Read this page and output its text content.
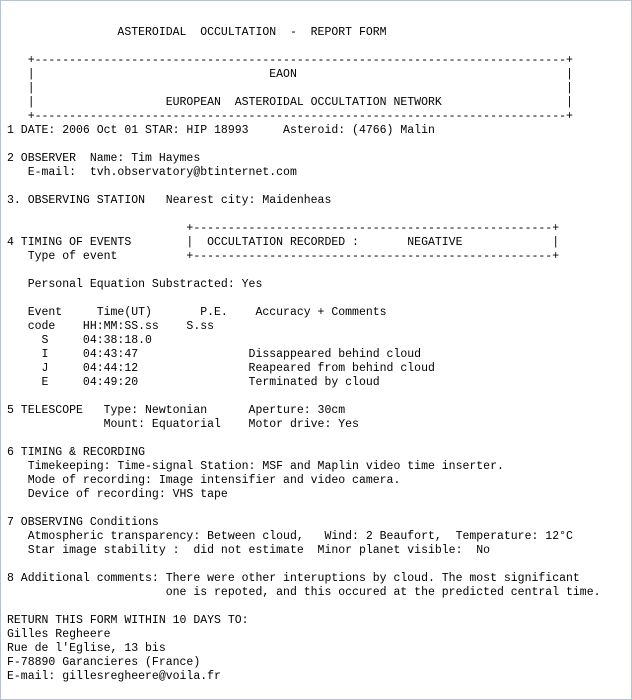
ASTEROIDAL  OCCULTATION  -  REPORT FORM
+-----------------------------------------------------------------------------+
|                                  EAON                                       |
|                                                                             |
|                   EUROPEAN  ASTEROIDAL OCCULTATION NETWORK                  |
+-----------------------------------------------------------------------------+
1 DATE: 2006 Oct 01 STAR: HIP 18993     Asteroid: (4766) Malin
2 OBSERVER  Name: Tim Haymes
E-mail:  tvh.observatory@btinternet.com
3. OBSERVING STATION   Nearest city: Maidenheas
+----------------------------------------------------+
4 TIMING OF EVENTS        |  OCCULTATION RECORDED :       NEGATIVE             |
Type of event          +----------------------------------------------------+
Personal Equation Substracted: Yes
Event     Time(UT)       P.E.    Accuracy + Comments
code    HH:MM:SS.ss    S.ss
S     04:38:18.0
I     04:43:47                Dissappeared behind cloud
J     04:44:12                Reapeared from behind cloud
E     04:49:20                Terminated by cloud
5 TELESCOPE   Type: Newtonian      Aperture: 30cm
Mount: Equatorial    Motor drive: Yes
6 TIMING & RECORDING
Timekeeping: Time-signal Station: MSF and Maplin video time inserter.
Mode of recording: Image intensifier and video camera.
Device of recording: VHS tape
7 OBSERVING Conditions
Atmospheric transparency: Between cloud,   Wind: 2 Beaufort,  Temperature: 12°C
Star image stability :  did not estimate  Minor planet visible:  No
8 Additional comments: There were other interuptions by cloud. The most significant
one is repoted, and this occured at the predicted central time.
RETURN THIS FORM WITHIN 10 DAYS TO:
Gilles Regheere
Rue de l'Eglise, 13 bis
F-78890 Garancieres (France)
E-mail: gillesregheere@voila.fr
